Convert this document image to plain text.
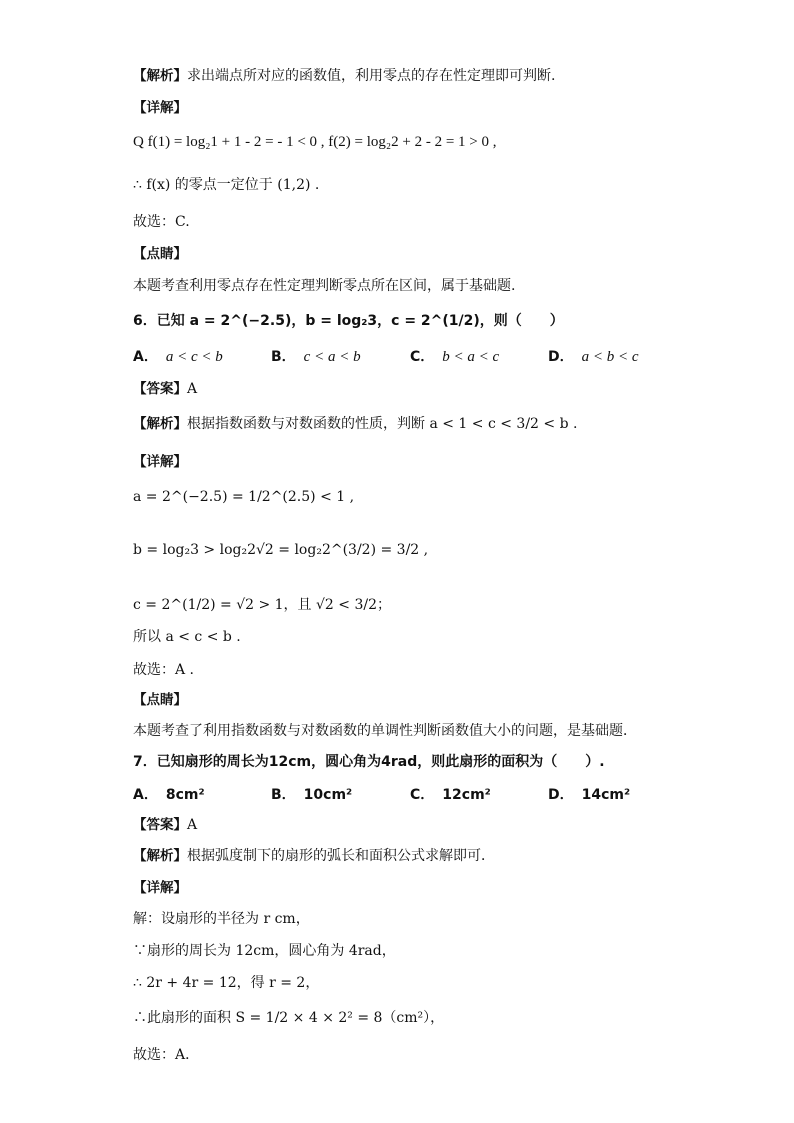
【解析】求出端点所对应的函数值，利用零点的存在性定理即可判断.
【详解】
Q f(1) = log₂1 + 1 - 2 = - 1 < 0 , f(2) = log₂2 + 2 - 2 = 1 > 0 ,
∴ f(x) 的零点一定位于 (1,2) .
故选：C.
【点睛】
本题考查利用零点存在性定理判断零点所在区间，属于基础题.
6．已知 a = 2^(−2.5)，b = log₂3，c = 2^(1/2)，则（　　）
A． a < c < b	B． c < a < b	C． b < a < c	D． a < b < c
【答案】A
【解析】根据指数函数与对数函数的性质，判断 a < 1 < c < 3/2 < b .
【详解】
a = 2^(−2.5) = 1/2^(2.5) < 1 ,
b = log₂3 > log₂2√2 = log₂2^(3/2) = 3/2 ,
c = 2^(1/2) = √2 > 1，且 √2 < 3/2；
所以 a < c < b .
故选：A .
【点睛】
本题考查了利用指数函数与对数函数的单调性判断函数值大小的问题，是基础题．
7．已知扇形的周长为12cm，圆心角为4rad，则此扇形的面积为（　　）.
A． 8cm²	B． 10cm²	C． 12cm²	D． 14cm²
【答案】A
【解析】根据弧度制下的扇形的弧长和面积公式求解即可．
【详解】
解：设扇形的半径为 r cm，
∵扇形的周长为 12cm，圆心角为 4rad，
∴ 2r + 4r = 12，得 r = 2，
∴此扇形的面积 S = 1/2 × 4 × 2² = 8（cm²），
故选：A．
